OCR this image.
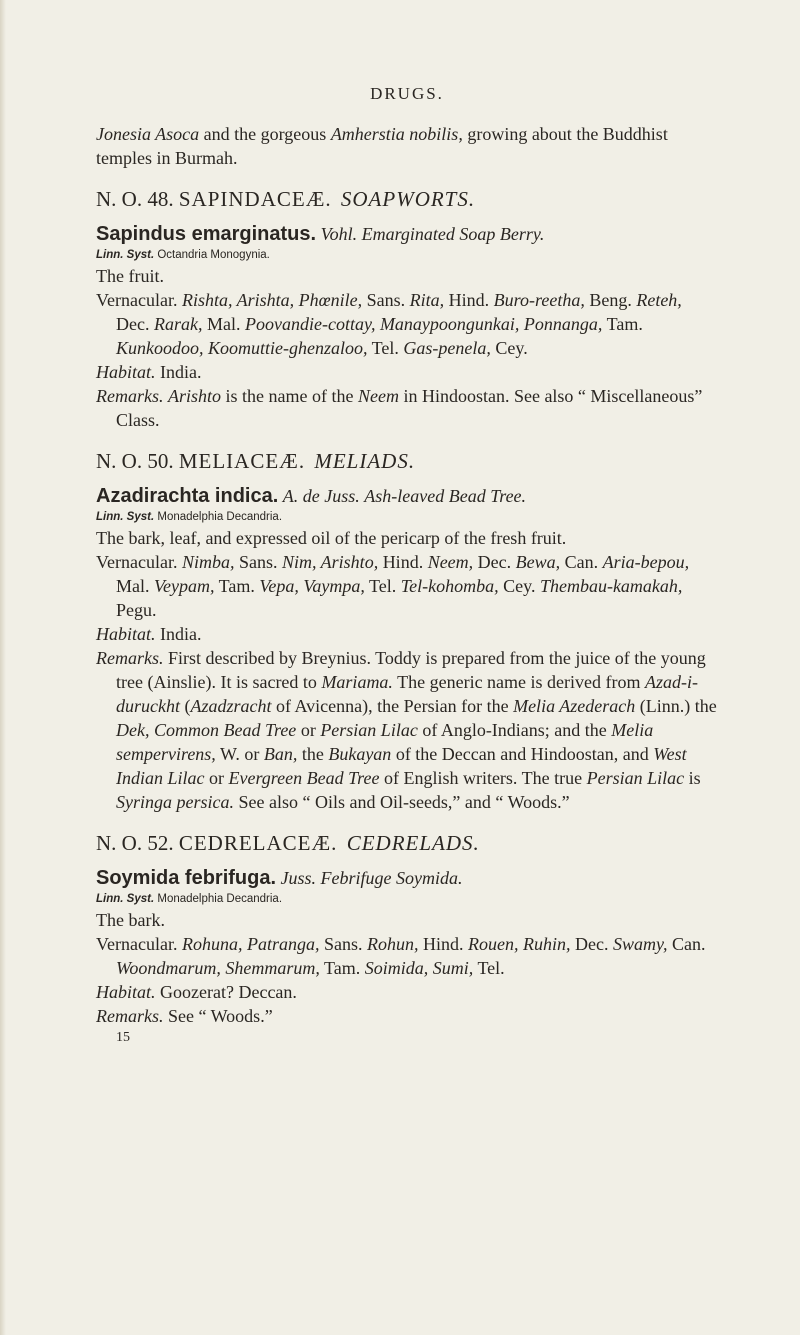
DRUGS.

Jonesia Asoca and the gorgeous Amherstia nobilis, growing about the Buddhist temples in Burmah.

N. O. 48. SAPINDACEÆ. SOAPWORTS.

Sapindus emarginatus. Vohl. Emarginated Soap Berry.

Linn. Syst. Octandria Monogynia.

The fruit.

Vernacular. Rishta, Arishta, Phœnile, Sans. Rita, Hind. Buro-reetha, Beng. Reteh, Dec. Rarak, Mal. Poovandie-cottay, Manaypoongunkai, Ponnanga, Tam. Kunkoodoo, Koomuttie-ghenzaloo, Tel. Gas-penela, Cey.

Habitat. India.

Remarks. Arishto is the name of the Neem in Hindoostan. See also “ Miscellaneous” Class.

N. O. 50. MELIACEÆ. MELIADS.

Azadirachta indica. A. de Juss. Ash-leaved Bead Tree.

Linn. Syst. Monadelphia Decandria.

The bark, leaf, and expressed oil of the pericarp of the fresh fruit.

Vernacular. Nimba, Sans. Nim, Arishto, Hind. Neem, Dec. Bewa, Can. Aria-bepou, Mal. Veypam, Tam. Vepa, Vaympa, Tel. Tel-kohomba, Cey. Thembau-kamakah, Pegu.

Habitat. India.

Remarks. First described by Breynius. Toddy is prepared from the juice of the young tree (Ainslie). It is sacred to Mariama. The generic name is derived from Azad-i-duruckht (Azadzracht of Avicenna), the Persian for the Melia Azederach (Linn.) the Dek, Common Bead Tree or Persian Lilac of Anglo-Indians; and the Melia sempervirens, W. or Ban, the Bukayan of the Deccan and Hindoostan, and West Indian Lilac or Evergreen Bead Tree of English writers. The true Persian Lilac is Syringa persica. See also “ Oils and Oil-seeds,” and “ Woods.”

N. O. 52. CEDRELACEÆ. CEDRELADS.

Soymida febrifuga. Juss. Febrifuge Soymida.

Linn. Syst. Monadelphia Decandria.

The bark.

Vernacular. Rohuna, Patranga, Sans. Rohun, Hind. Rouen, Ruhin, Dec. Swamy, Can. Woondmarum, Shemmarum, Tam. Soimida, Sumi, Tel.

Habitat. Goozerat? Deccan.

Remarks. See “ Woods.”

15
